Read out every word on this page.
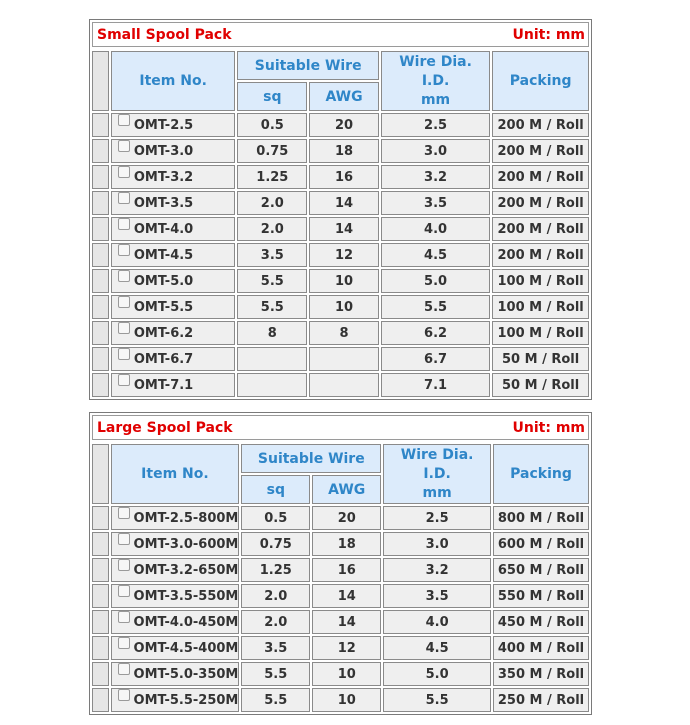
Small Spool Pack	Unit: mm
	Item No.	Suitable Wire		Wire Dia.
I.D.
mm	Packing
		sq	AWG		
	OMT-2.5	0.5	20	2.5	200 M / Roll
	OMT-3.0	0.75	18	3.0	200 M / Roll
	OMT-3.2	1.25	16	3.2	200 M / Roll
	OMT-3.5	2.0	14	3.5	200 M / Roll
	OMT-4.0	2.0	14	4.0	200 M / Roll
	OMT-4.5	3.5	12	4.5	200 M / Roll
	OMT-5.0	5.5	10	5.0	100 M / Roll
	OMT-5.5	5.5	10	5.5	100 M / Roll
	OMT-6.2	8	8	6.2	100 M / Roll
	OMT-6.7			6.7	50 M / Roll
	OMT-7.1			7.1	50 M / Roll
Large Spool Pack	Unit: mm
	Item No.	Suitable Wire		Wire Dia.
I.D.
mm	Packing
		sq	AWG		
	OMT-2.5-800M	0.5	20	2.5	800 M / Roll
	OMT-3.0-600M	0.75	18	3.0	600 M / Roll
	OMT-3.2-650M	1.25	16	3.2	650 M / Roll
	OMT-3.5-550M	2.0	14	3.5	550 M / Roll
	OMT-4.0-450M	2.0	14	4.0	450 M / Roll
	OMT-4.5-400M	3.5	12	4.5	400 M / Roll
	OMT-5.0-350M	5.5	10	5.0	350 M / Roll
	OMT-5.5-250M	5.5	10	5.5	250 M / Roll
